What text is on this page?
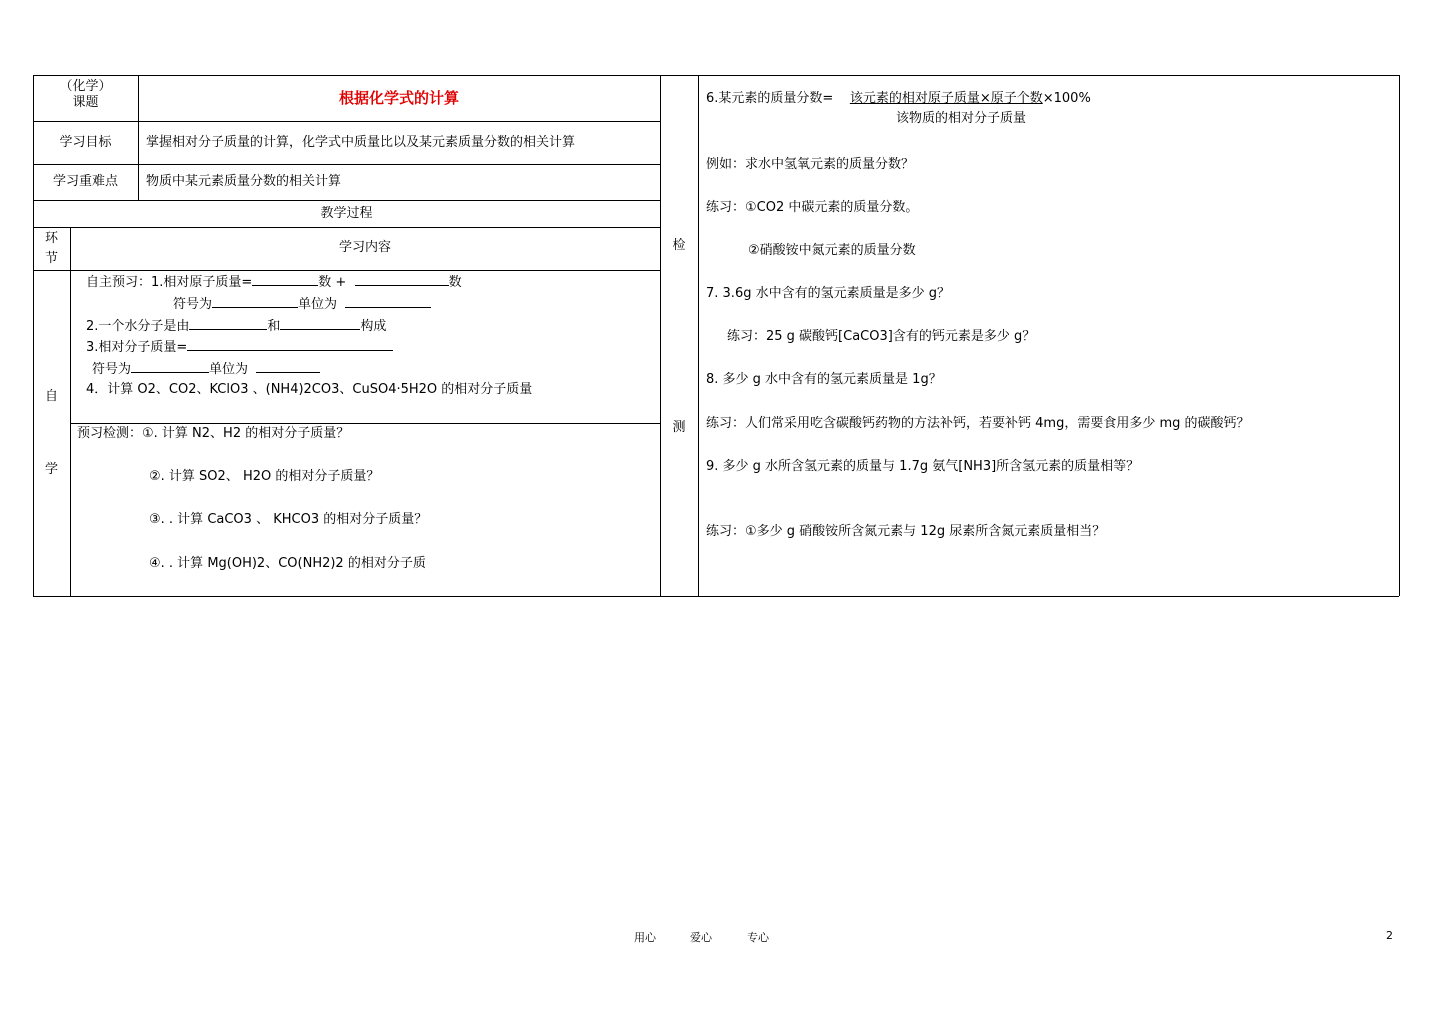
（化学）
课题	根据化学式的计算
学习目标	掌握相对分子质量的计算，化学式中质量比以及某元素质量分数的相关计算
学习重难点	物质中某元素质量分数的相关计算
教学过程
环
节
学习内容
自
学
自主预习：1.相对原子质量=	数 +	数
符号为	单位为
2.一个水分子是由	和	构成
3.相对分子质量=
符号为	单位为
4．计算 O2、CO2、KClO3 、(NH4)2CO3、CuSO4·5H2O 的相对分子质量
预习检测：①. 计算 N2、H2 的相对分子质量？
②. 计算 SO2、 H2O 的相对分子质量？
③. . 计算 CaCO3 、 KHCO3 的相对分子质量？
④. . 计算 Mg(OH)2、CO(NH2)2 的相对分子质
检
测
6.某元素的质量分数= 该元素的相对原子质量×原子个数×100%
该物质的相对分子质量
例如：求水中氢氧元素的质量分数？
练习：①CO2 中碳元素的质量分数。
②硝酸铵中氮元素的质量分数
7. 3.6g 水中含有的氢元素质量是多少 g？
练习：25 g 碳酸钙[CaCO3]含有的钙元素是多少 g？
8. 多少 g 水中含有的氢元素质量是 1g？
练习：人们常采用吃含碳酸钙药物的方法补钙，若要补钙 4mg，需要食用多少 mg 的碳酸钙？
9. 多少 g 水所含氢元素的质量与 1.7g 氨气[NH3]所含氢元素的质量相等？
练习：①多少 g 硝酸铵所含氮元素与 12g 尿素所含氮元素质量相当？
用心	爱心	专心	2
